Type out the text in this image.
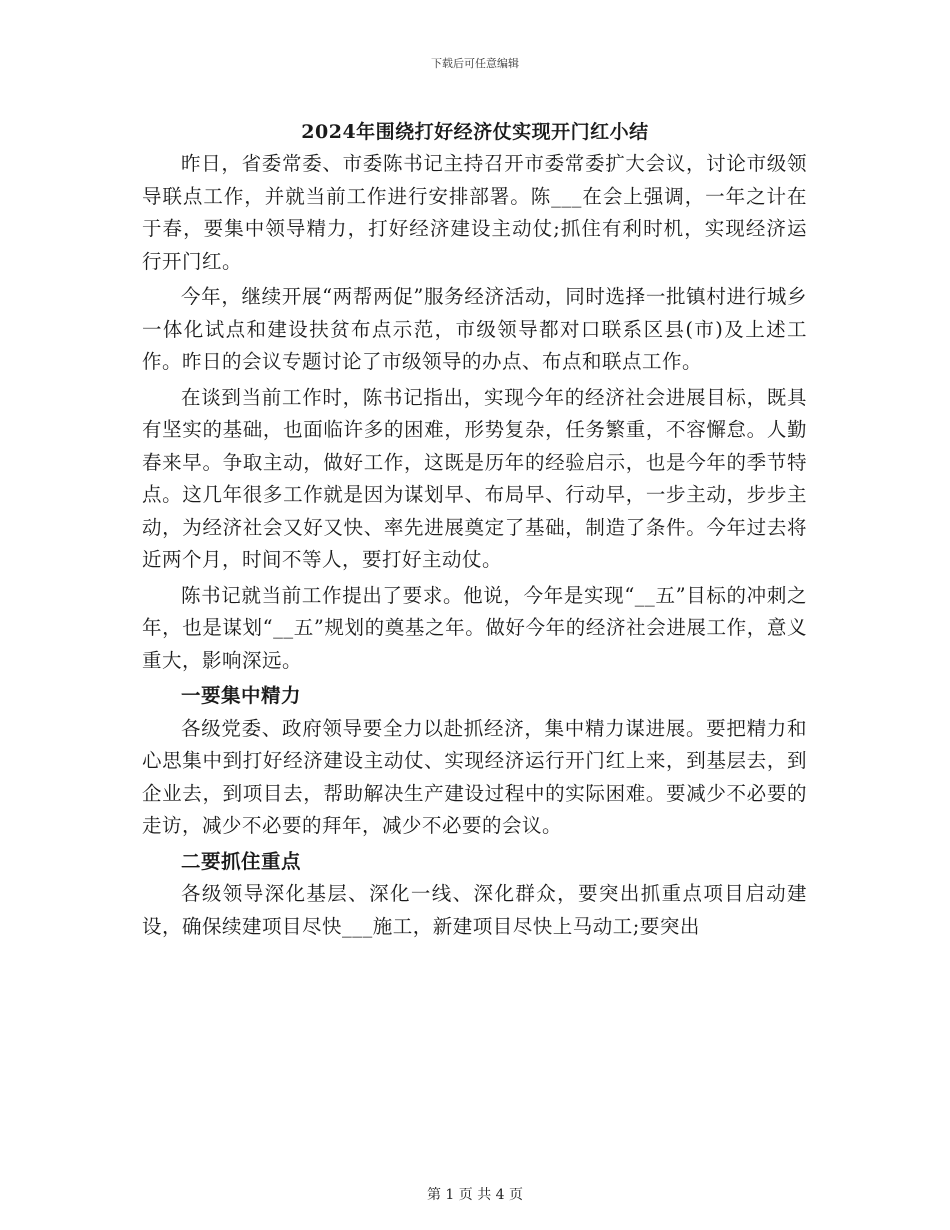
下载后可任意编辑
2024年围绕打好经济仗实现开门红小结

昨日，省委常委、市委陈书记主持召开市委常委扩大会议，讨论市级领导联点工作，并就当前工作进行安排部署。陈___在会上强调，一年之计在于春，要集中领导精力，打好经济建设主动仗;抓住有利时机，实现经济运行开门红。

今年，继续开展“两帮两促”服务经济活动，同时选择一批镇村进行城乡一体化试点和建设扶贫布点示范，市级领导都对口联系区县(市)及上述工作。昨日的会议专题讨论了市级领导的办点、布点和联点工作。

在谈到当前工作时，陈书记指出，实现今年的经济社会进展目标，既具有坚实的基础，也面临许多的困难，形势复杂，任务繁重，不容懈怠。人勤春来早。争取主动，做好工作，这既是历年的经验启示，也是今年的季节特点。这几年很多工作就是因为谋划早、布局早、行动早，一步主动，步步主动，为经济社会又好又快、率先进展奠定了基础，制造了条件。今年过去将近两个月，时间不等人，要打好主动仗。

陈书记就当前工作提出了要求。他说，今年是实现“__五”目标的冲刺之年，也是谋划“__五”规划的奠基之年。做好今年的经济社会进展工作，意义重大，影响深远。

一要集中精力

各级党委、政府领导要全力以赴抓经济，集中精力谋进展。要把精力和心思集中到打好经济建设主动仗、实现经济运行开门红上来，到基层去，到企业去，到项目去，帮助解决生产建设过程中的实际困难。要减少不必要的走访，减少不必要的拜年，减少不必要的会议。

二要抓住重点

各级领导深化基层、深化一线、深化群众，要突出抓重点项目启动建设，确保续建项目尽快___施工，新建项目尽快上马动工;要突出

第 1 页 共 4 页
